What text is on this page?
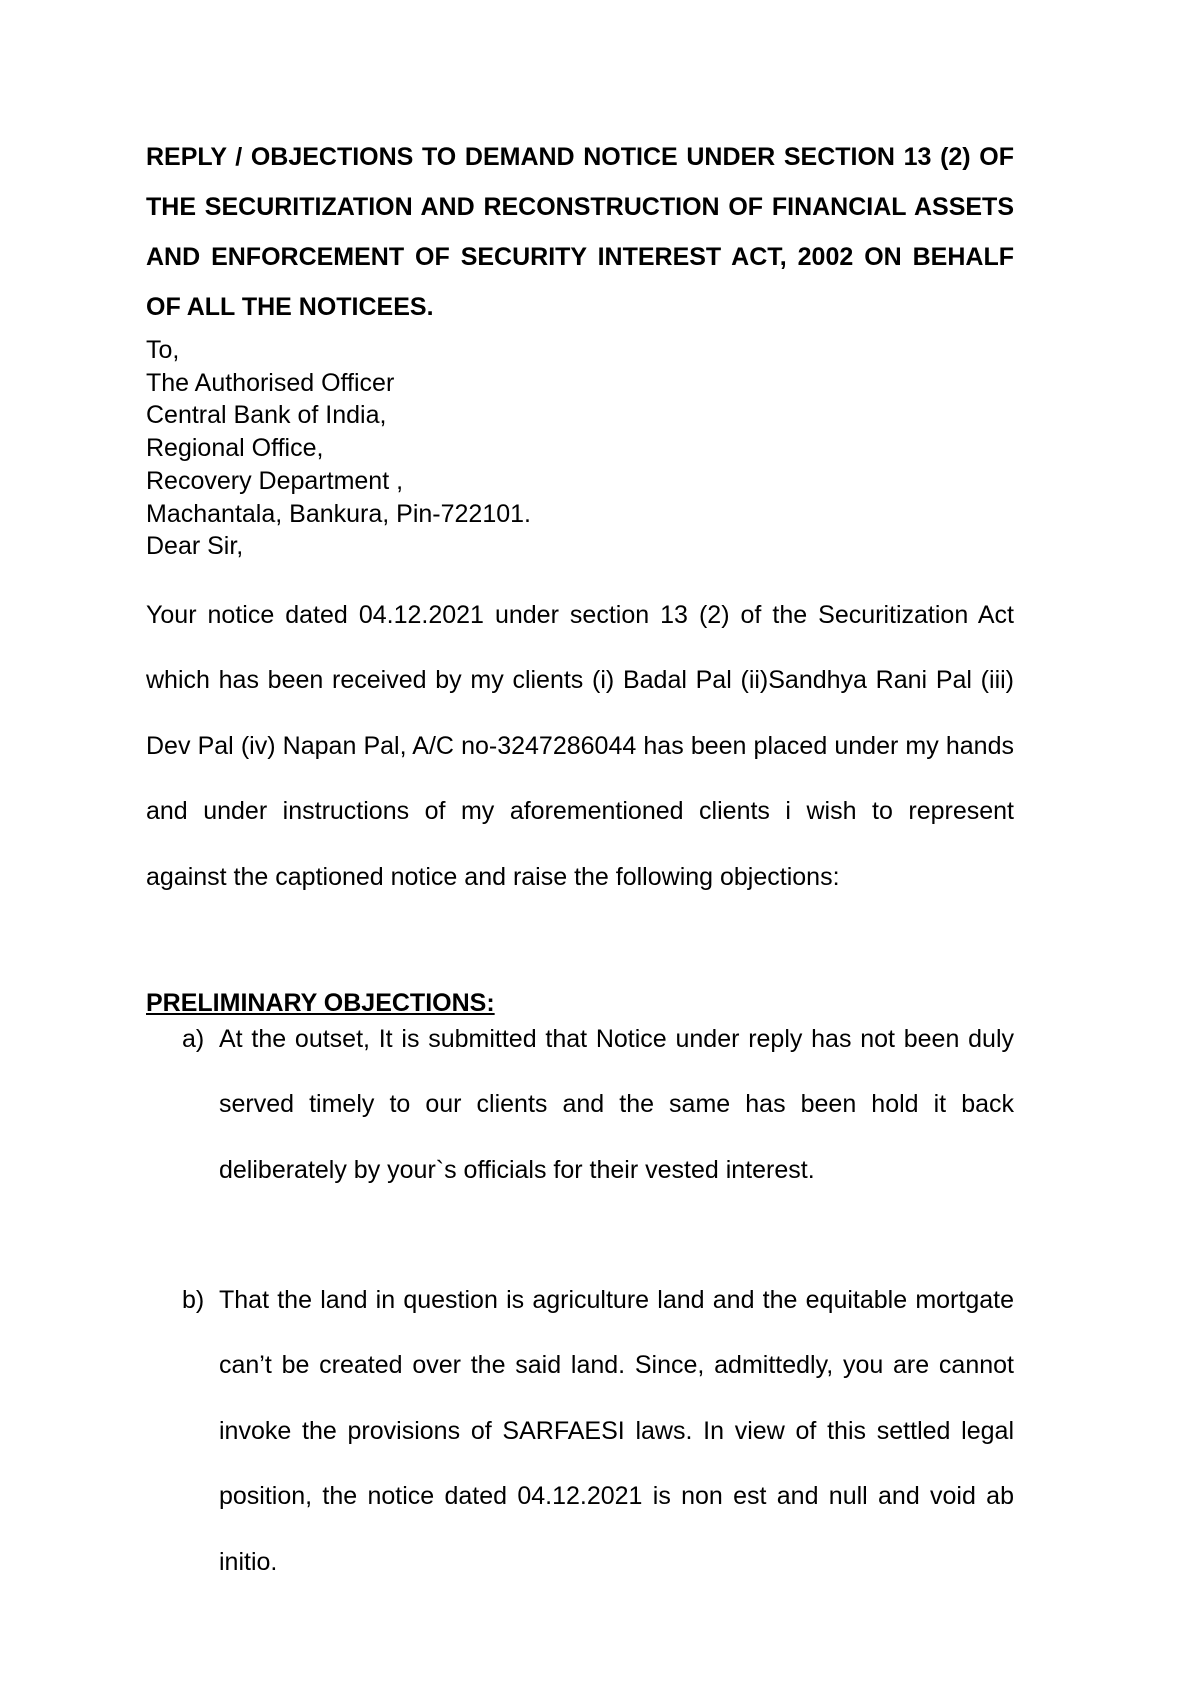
REPLY / OBJECTIONS TO DEMAND NOTICE UNDER SECTION 13 (2) OF THE SECURITIZATION AND RECONSTRUCTION OF FINANCIAL ASSETS AND ENFORCEMENT OF SECURITY INTEREST ACT, 2002 ON BEHALF OF ALL THE NOTICEES.

To,
The Authorised Officer
Central Bank of India,
Regional Office,
Recovery Department ,
Machantala, Bankura, Pin-722101.
Dear Sir,

Your notice dated 04.12.2021 under section 13 (2) of the Securitization Act which has been received by my clients (i) Badal Pal (ii)Sandhya Rani Pal (iii) Dev Pal (iv) Napan Pal, A/C no-3247286044 has been placed under my hands and under instructions of my aforementioned clients i wish to represent against the captioned notice and raise the following objections:

PRELIMINARY OBJECTIONS:

a) At the outset, It is submitted that Notice under reply has not been duly served timely to our clients and the same has been hold it back deliberately by your`s officials for their vested interest.

b) That the land in question is agriculture land and the equitable mortgate can’t be created over the said land. Since, admittedly, you are cannot invoke the provisions of SARFAESI laws. In view of this settled legal position, the notice dated 04.12.2021 is non est and null and void ab initio.
